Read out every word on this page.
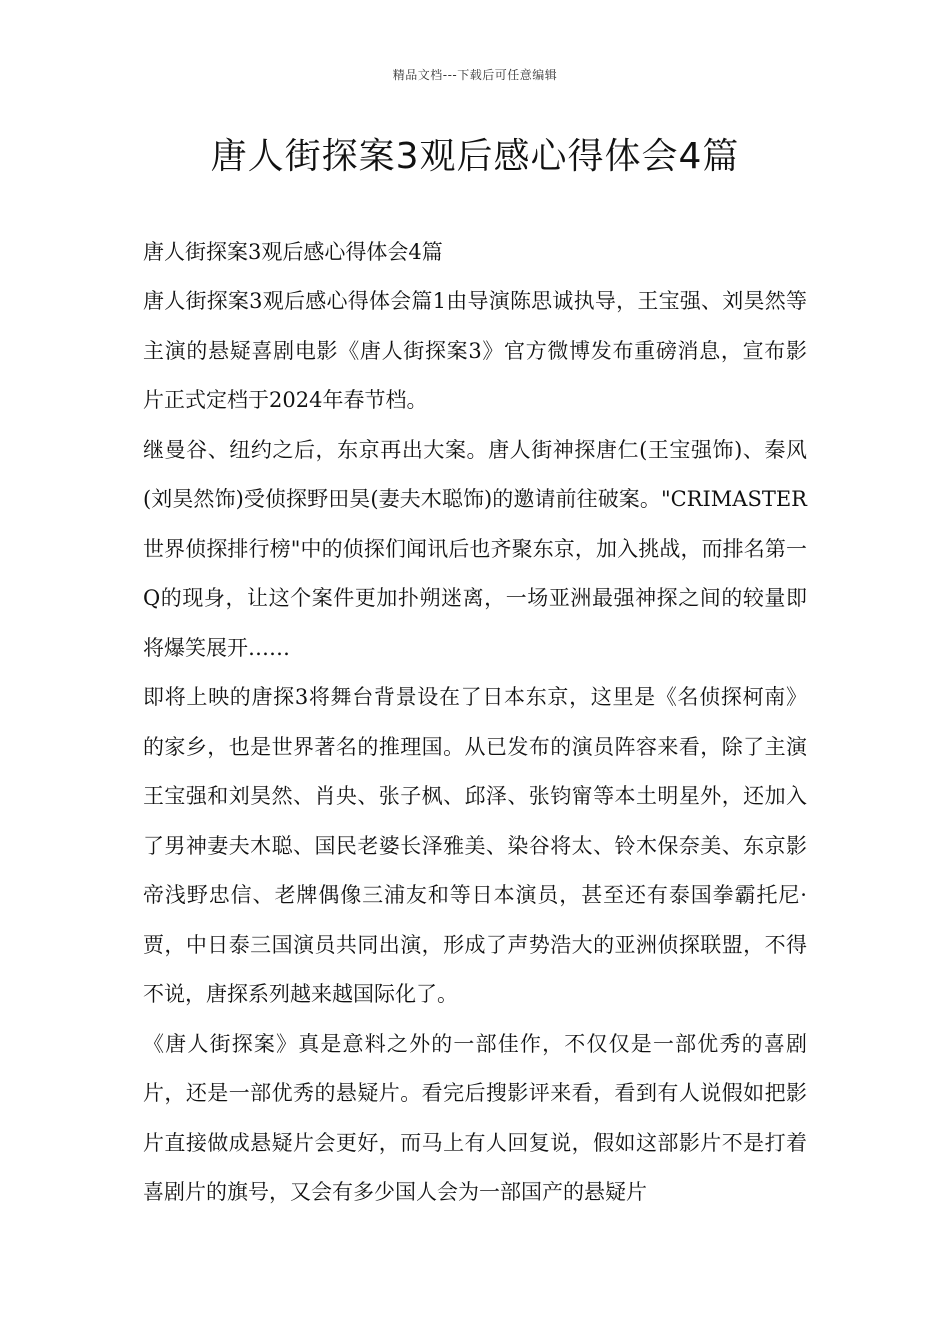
精品文档---下载后可任意编辑
唐人街探案3观后感心得体会4篇

唐人街探案3观后感心得体会4篇

唐人街探案3观后感心得体会篇1由导演陈思诚执导，王宝强、刘昊然等主演的悬疑喜剧电影《唐人街探案3》官方微博发布重磅消息，宣布影片正式定档于2024年春节档。

继曼谷、纽约之后，东京再出大案。唐人街神探唐仁(王宝强饰)、秦风(刘昊然饰)受侦探野田昊(妻夫木聪饰)的邀请前往破案。"CRIMASTER世界侦探排行榜"中的侦探们闻讯后也齐聚东京，加入挑战，而排名第一Q的现身，让这个案件更加扑朔迷离，一场亚洲最强神探之间的较量即将爆笑展开……

即将上映的唐探3将舞台背景设在了日本东京，这里是《名侦探柯南》的家乡，也是世界著名的推理国。从已发布的演员阵容来看，除了主演王宝强和刘昊然、肖央、张子枫、邱泽、张钧甯等本土明星外，还加入了男神妻夫木聪、国民老婆长泽雅美、染谷将太、铃木保奈美、东京影帝浅野忠信、老牌偶像三浦友和等日本演员，甚至还有泰国拳霸托尼·贾，中日泰三国演员共同出演，形成了声势浩大的亚洲侦探联盟，不得不说，唐探系列越来越国际化了。

《唐人街探案》真是意料之外的一部佳作，不仅仅是一部优秀的喜剧片，还是一部优秀的悬疑片。看完后搜影评来看，看到有人说假如把影片直接做成悬疑片会更好，而马上有人回复说，假如这部影片不是打着喜剧片的旗号，又会有多少国人会为一部国产的悬疑片
